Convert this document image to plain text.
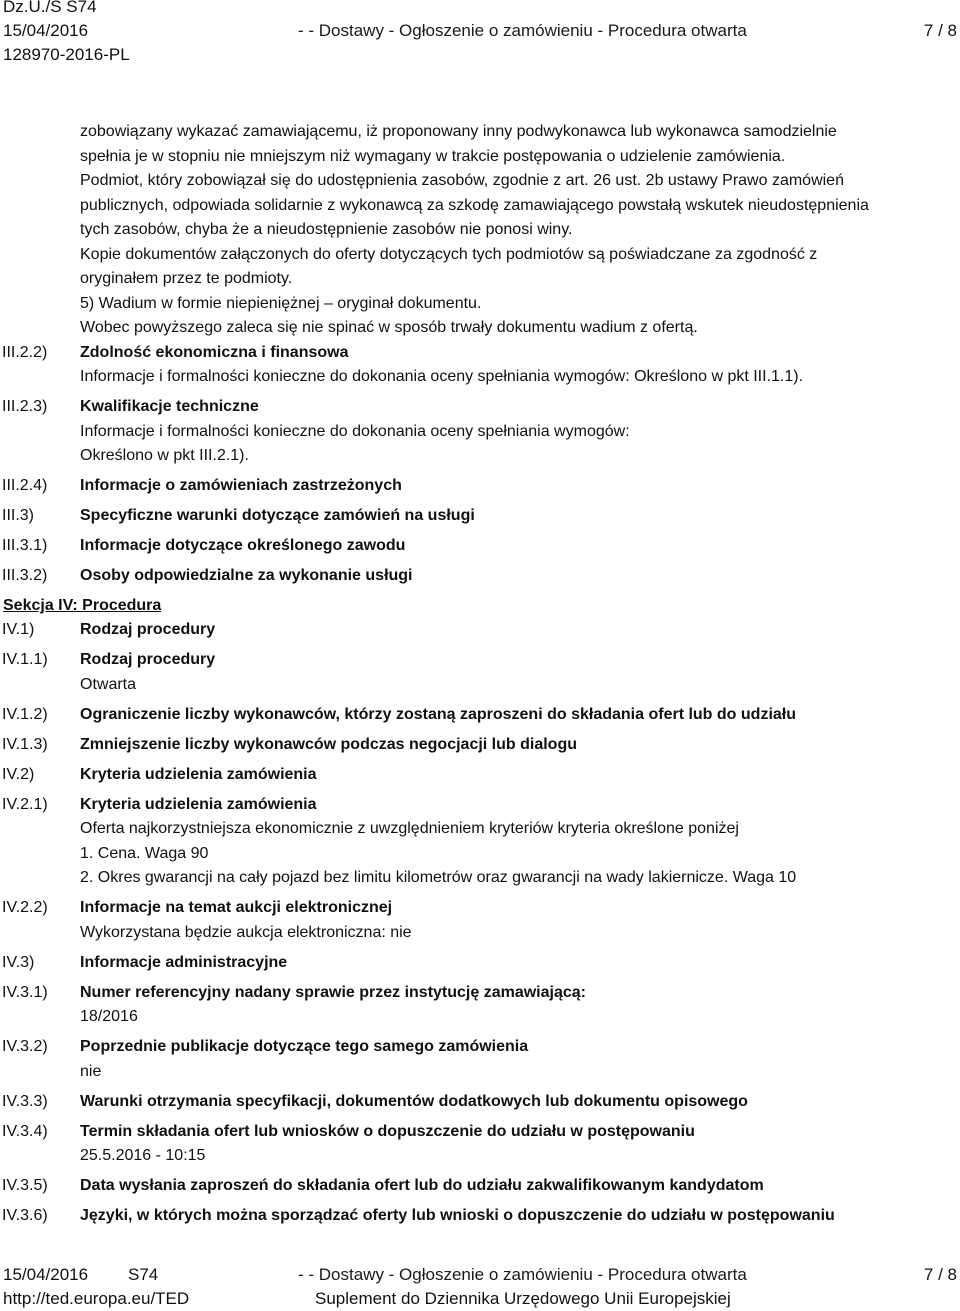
Dz.U./S S74
15/04/2016	- - Dostawy - Ogłoszenie o zamówieniu - Procedura otwarta	7 / 8
128970-2016-PL
zobowiązany wykazać zamawiającemu, iż proponowany inny podwykonawca lub wykonawca samodzielnie
spełnia je w stopniu nie mniejszym niż wymagany w trakcie postępowania o udzielenie zamówienia.
Podmiot, który zobowiązał się do udostępnienia zasobów, zgodnie z art. 26 ust. 2b ustawy Prawo zamówień
publicznych, odpowiada solidarnie z wykonawcą za szkodę zamawiającego powstałą wskutek nieudostępnienia
tych zasobów, chyba że a nieudostępnienie zasobów nie ponosi winy.
Kopie dokumentów załączonych do oferty dotyczących tych podmiotów są poświadczane za zgodność z
oryginałem przez te podmioty.
5) Wadium w formie niepieniężnej – oryginał dokumentu.
Wobec powyższego zaleca się nie spinać w sposób trwały dokumentu wadium z ofertą.
III.2.2)	Zdolność ekonomiczna i finansowa
Informacje i formalności konieczne do dokonania oceny spełniania wymogów: Określono w pkt III.1.1).
III.2.3)	Kwalifikacje techniczne
Informacje i formalności konieczne do dokonania oceny spełniania wymogów:
Określono w pkt III.2.1).
III.2.4)	Informacje o zamówieniach zastrzeżonych
III.3)	Specyficzne warunki dotyczące zamówień na usługi
III.3.1)	Informacje dotyczące określonego zawodu
III.3.2)	Osoby odpowiedzialne za wykonanie usługi
Sekcja IV: Procedura
IV.1)	Rodzaj procedury
IV.1.1)	Rodzaj procedury
Otwarta
IV.1.2)	Ograniczenie liczby wykonawców, którzy zostaną zaproszeni do składania ofert lub do udziału
IV.1.3)	Zmniejszenie liczby wykonawców podczas negocjacji lub dialogu
IV.2)	Kryteria udzielenia zamówienia
IV.2.1)	Kryteria udzielenia zamówienia
Oferta najkorzystniejsza ekonomicznie z uwzględnieniem kryteriów kryteria określone poniżej
1. Cena. Waga 90
2. Okres gwarancji na cały pojazd bez limitu kilometrów oraz gwarancji na wady lakiernicze. Waga 10
IV.2.2)	Informacje na temat aukcji elektronicznej
Wykorzystana będzie aukcja elektroniczna: nie
IV.3)	Informacje administracyjne
IV.3.1)	Numer referencyjny nadany sprawie przez instytucję zamawiającą:
18/2016
IV.3.2)	Poprzednie publikacje dotyczące tego samego zamówienia
nie
IV.3.3)	Warunki otrzymania specyfikacji, dokumentów dodatkowych lub dokumentu opisowego
IV.3.4)	Termin składania ofert lub wniosków o dopuszczenie do udziału w postępowaniu
25.5.2016 - 10:15
IV.3.5)	Data wysłania zaproszeń do składania ofert lub do udziału zakwalifikowanym kandydatom
IV.3.6)	Języki, w których można sporządzać oferty lub wnioski o dopuszczenie do udziału w postępowaniu
15/04/2016 S74	- - Dostawy - Ogłoszenie o zamówieniu - Procedura otwarta	7 / 8
http://ted.europa.eu/TED	Suplement do Dziennika Urzędowego Unii Europejskiej
